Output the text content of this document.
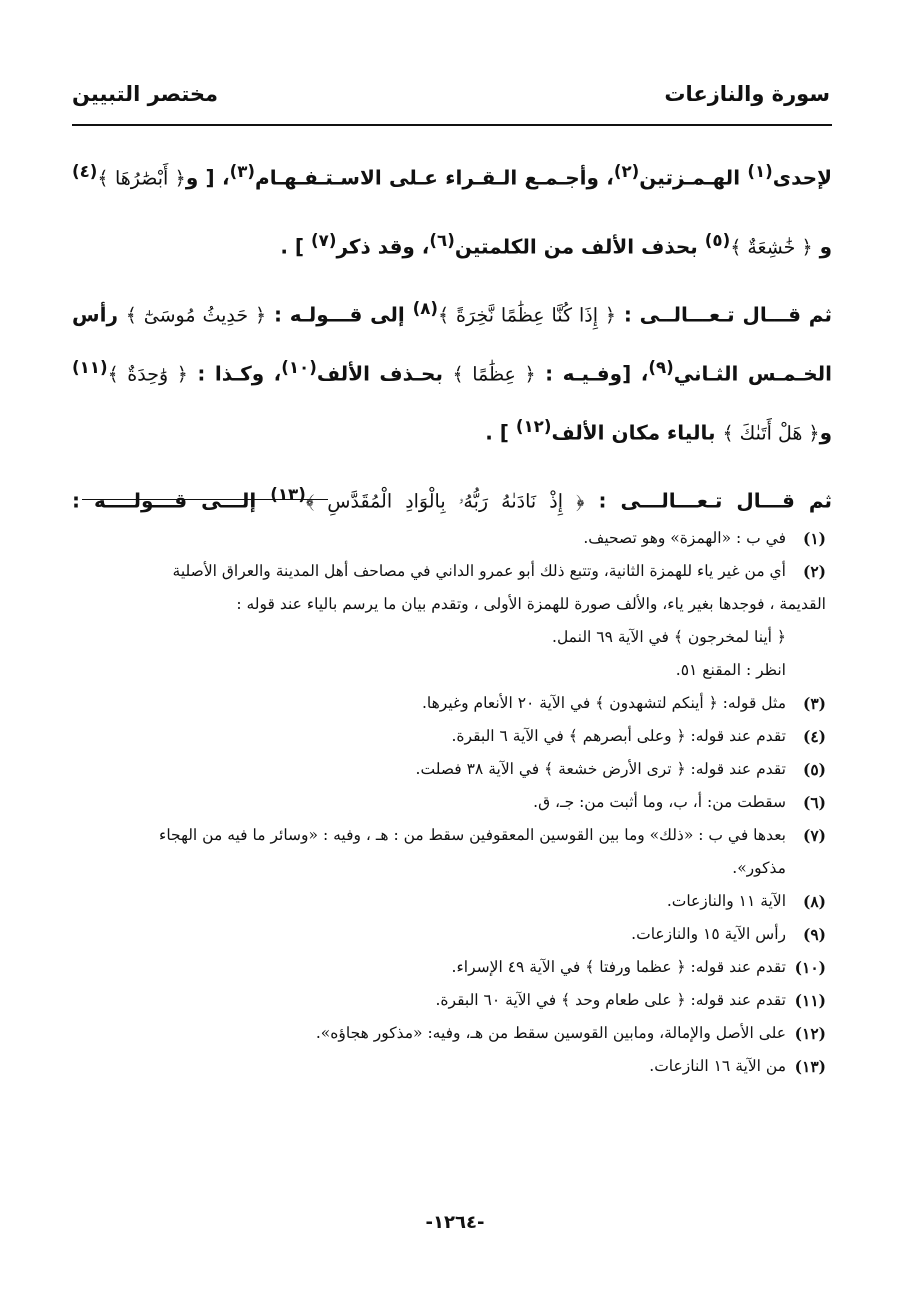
سورة والنازعات
مختصر التبيين

لإحدى$^{(١)}$ الهـمـزتين$^{(٢)}$، وأجـمـع الـقـراء عـلى الاسـتـفـهـام$^{(٣)}$، [ و﴿ أَبْصَٰرُهَا ﴾$^{(٤)}$

و ﴿ خَٰشِعَةٌ ﴾$^{(٥)}$ بحذف الألف من الكلمتين$^{(٦)}$، وقد ذكر$^{(٧)}$ ] .

ثم قـــال تـعـــالــى : ﴿ إِذَا كُنَّا عِظَٰمًا نَّخِرَةً ﴾$^{(٨)}$ إلى قـــولـه : ﴿ حَدِيثُ مُوسَىٰٓ ﴾ رأس

الخـمـس الثـاني$^{(٩)}$، [وفـيـه : ﴿ عِظَٰمًا ﴾ بحـذف الألف$^{(١٠)}$، وكـذا : ﴿ وَٰحِدَةٌ ﴾$^{(١١)}$

و﴿ هَلْ أَتَىٰكَ ﴾ بالياء مكان الألف$^{(١٢)}$ ] .

ثم قـــال تـعـــالـــى : ﴿ إِذْ نَادَىٰهُ رَبُّهُۥ بِالْوَادِ الْمُقَدَّسِ ﴾$^{(١٣)}$ إلـــى قـــولــــه :

(١)
في ب : «الهمزة» وهو تصحيف.
(٢)
أي من غير ياء للهمزة الثانية، وتتبع ذلك أبو عمرو الداني في مصاحف أهل المدينة والعراق الأصلية
القديمة ، فوجدها بغير ياء، والألف صورة للهمزة الأولى ، وتقدم بيان ما يرسم بالياء عند قوله :
﴿ أينا لمخرجون ﴾ في الآية ٦٩ النمل.
انظر : المقنع ٥١.
(٣)
مثل قوله: ﴿ أينكم لتشهدون ﴾ في الآية ٢٠ الأنعام وغيرها.
(٤)
تقدم عند قوله: ﴿ وعلى أبصرهم ﴾ في الآية ٦ البقرة.
(٥)
تقدم عند قوله: ﴿ ترى الأرض خشعة ﴾ في الآية ٣٨ فصلت.
(٦)
سقطت من: أ، ب، وما أثبت من: جـ، ق.
(٧)
بعدها في ب : «ذلك» وما بين القوسين المعقوفين سقط من : هـ ، وفيه : «وسائر ما فيه من الهجاء
مذكور».
(٨)
الآية ١١ والنازعات.
(٩)
رأس الآية ١٥ والنازعات.
(١٠)
تقدم عند قوله: ﴿ عظما ورفتا ﴾ في الآية ٤٩ الإسراء.
(١١)
تقدم عند قوله: ﴿ على طعام وحد ﴾ في الآية ٦٠ البقرة.
(١٢)
على الأصل والإمالة، ومابين القوسين سقط من هـ، وفيه: «مذكور هجاؤه».
(١٣)
من الآية ١٦ النازعات.
-١٢٦٤-
